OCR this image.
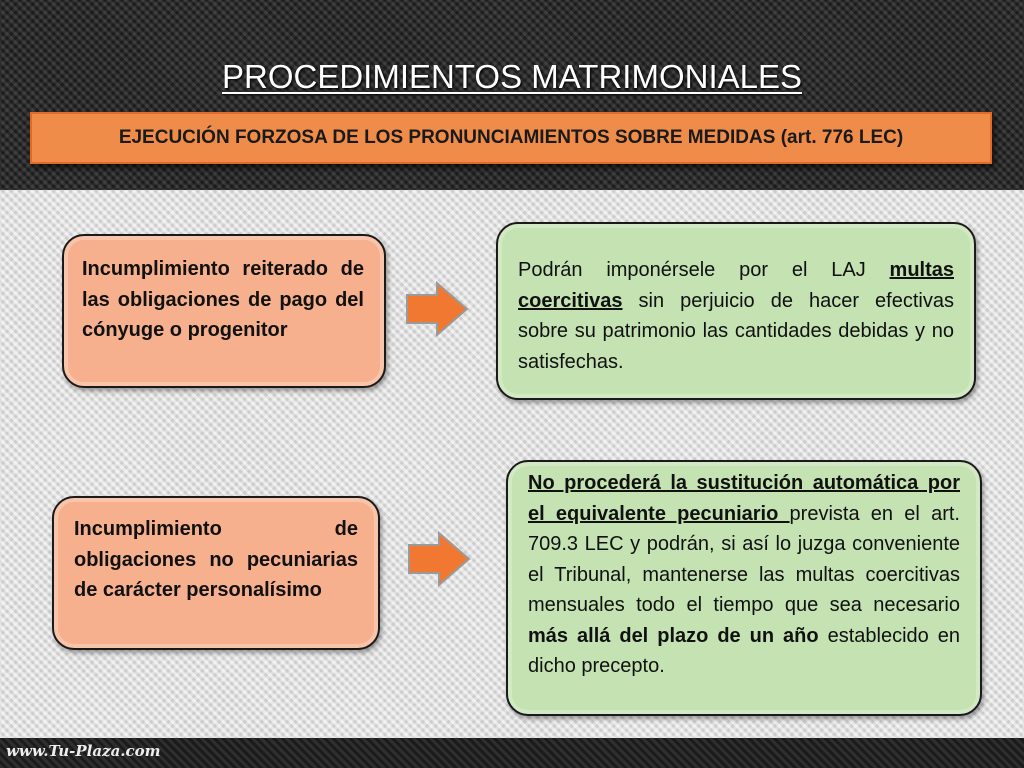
PROCEDIMIENTOS MATRIMONIALES
EJECUCIÓN FORZOSA DE LOS PRONUNCIAMIENTOS SOBRE MEDIDAS (art. 776 LEC)
Incumplimiento reiterado de las obligaciones de pago del cónyuge o progenitor
Podrán imponérsele por el LAJ multas coercitivas sin perjuicio de hacer efectivas sobre su patrimonio las cantidades debidas y no satisfechas.
Incumplimiento de obligaciones no pecuniarias de carácter personalísimo
No procederá la sustitución automática por el equivalente pecuniario prevista en el art. 709.3 LEC y podrán, si así lo juzga conveniente el Tribunal, mantenerse las multas coercitivas mensuales todo el tiempo que sea necesario más allá del plazo de un año establecido en dicho precepto.
www.Tu-Plaza.com
